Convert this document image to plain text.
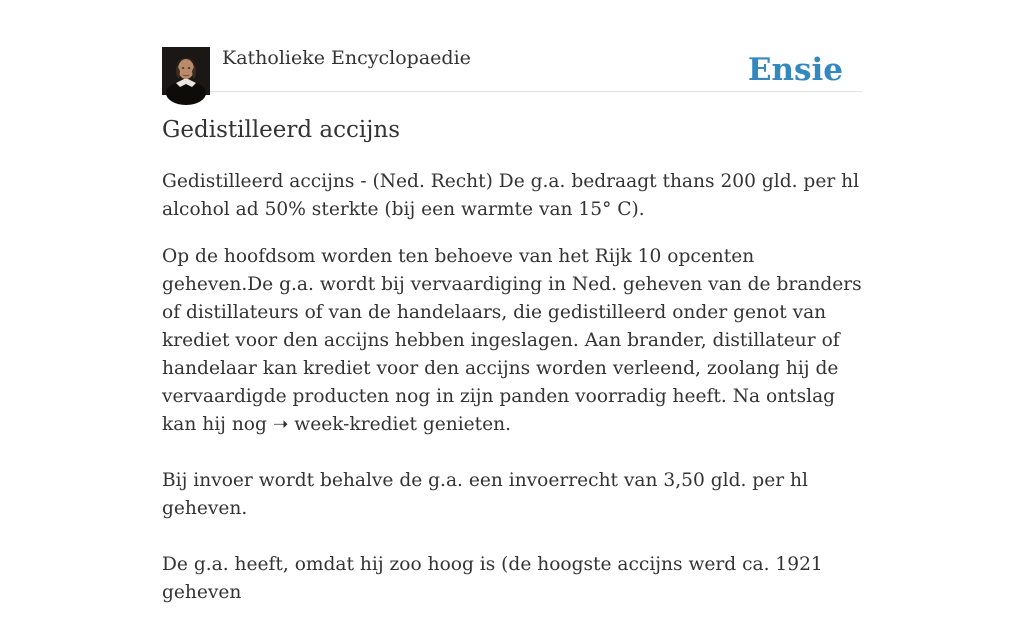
Katholieke Encyclopaedie	Ensie
Gedistilleerd accijns

Gedistilleerd accijns - (Ned. Recht) De g.a. bedraagt thans 200 gld. per hl alcohol ad 50% sterkte (bij een warmte van 15° C).

Op de hoofdsom worden ten behoeve van het Rijk 10 opcenten geheven.De g.a. wordt bij vervaardiging in Ned. geheven van de branders of distillateurs of van de handelaars, die gedistilleerd onder genot van krediet voor den accijns hebben ingeslagen. Aan brander, distillateur of handelaar kan krediet voor den accijns worden verleend, zoolang hij de vervaardigde producten nog in zijn panden voorradig heeft. Na ontslag kan hij nog ➝ week-krediet genieten.

Bij invoer wordt behalve de g.a. een invoerrecht van 3,50 gld. per hl geheven.

De g.a. heeft, omdat hij zoo hoog is (de hoogste accijns werd ca. 1921 geheven
